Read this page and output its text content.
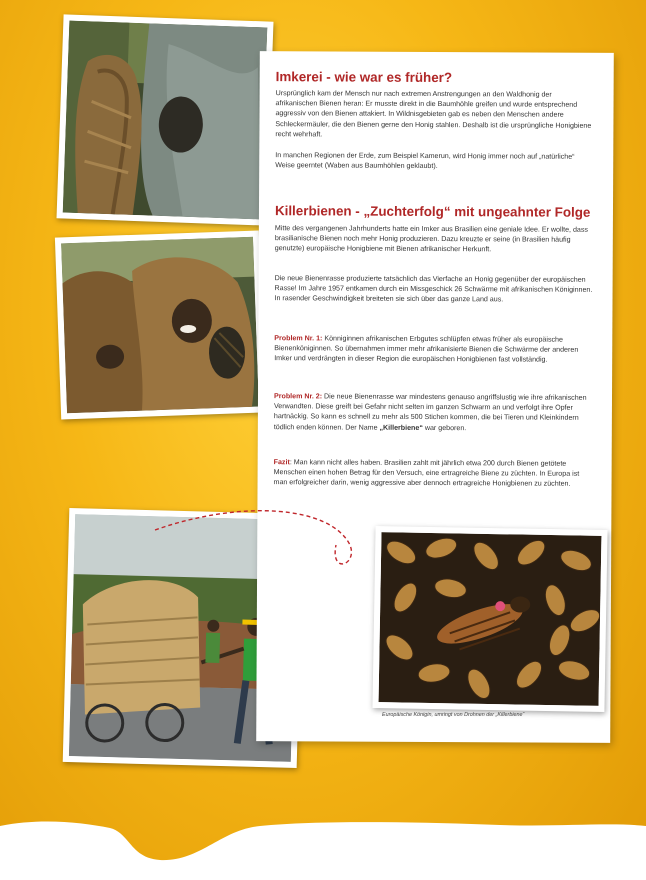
Imkerei - wie war es früher?

Ursprünglich kam der Mensch nur nach extremen Anstrengungen an den Waldhonig der afrikanischen Bienen heran: Er musste direkt in die Baumhöhle greifen und wurde entsprechend aggressiv von den Bienen attakiert. In Wildnisgebieten gab es neben den Menschen andere Schleckermäuler, die den Bienen gerne den Honig stahlen. Deshalb ist die ursprüngliche Honigbiene recht wehrhaft.

In manchen Regionen der Erde, zum Beispiel Kamerun, wird Honig immer noch auf „natürliche“ Weise geerntet (Waben aus Baumhöhlen geklaubt).

Killerbienen - „Zuchterfolg“ mit ungeahnter Folge

Mitte des vergangenen Jahrhunderts hatte ein Imker aus Brasilien eine geniale Idee. Er wollte, dass brasilianische Bienen noch mehr Honig produzieren. Dazu kreuzte er seine (in Brasilien häufig genutzte) europäische Honigbiene mit Bienen afrikanischer Herkunft.

Die neue Bienenrasse produzierte tatsächlich das Vierfache an Honig gegenüber der europäischen Rasse! Im Jahre 1957 entkamen durch ein Missgeschick 26 Schwärme mit afrikanischen Königinnen. In rasender Geschwindigkeit breiteten sie sich über das ganze Land aus.

Problem Nr. 1: Könniginnen afrikanischen Erbgutes schlüpfen etwas früher als europäische Bienenköniginnen. So übernahmen immer mehr afrikanisierte Bienen die Schwärme der anderen Imker und verdrängten in dieser Region die europäischen Honigbienen fast vollständig.

Problem Nr. 2: Die neue Bienenrasse war mindestens genauso angriffslustig wie ihre afrikanischen Verwandten. Diese greift bei Gefahr nicht selten im ganzen Schwarm an und verfolgt ihre Opfer hartnäckig. So kann es schnell zu mehr als 500 Stichen kommen, die bei Tieren und Kleinkindern tödlich enden können. Der Name „Killerbiene“ war geboren.

Fazit: Man kann nicht alles haben. Brasilien zahlt mit jährlich etwa 200 durch Bienen getötete Menschen einen hohen Betrag für den Versuch, eine ertragreiche Biene zu züchten. In Europa ist man erfolgreicher darin, wenig aggressive aber dennoch ertragreiche Honigbienen zu züchten.

Europäische Königin, umringt von Drohnen der „Killerbiene“
